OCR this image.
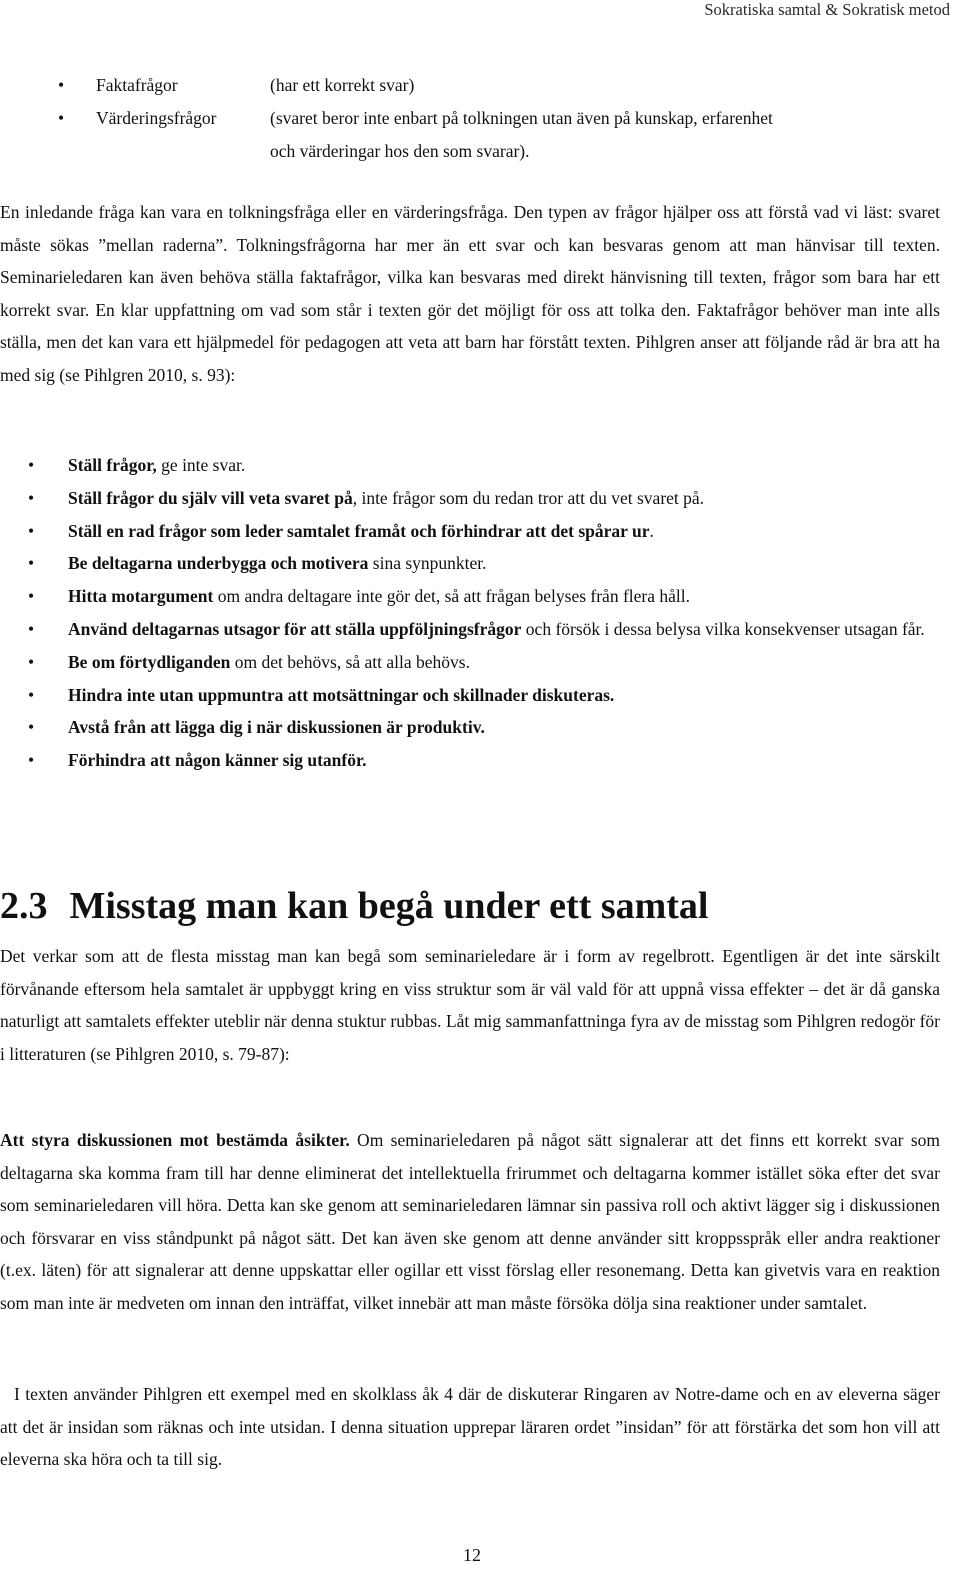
Sokratiska samtal & Sokratisk metod
• Faktafrågor	(har ett korrekt svar)
• Värderingsfrågor	(svaret beror inte enbart på tolkningen utan även på kunskap, erfarenhet
och värderingar hos den som svarar).

En inledande fråga kan vara en tolkningsfråga eller en värderingsfråga. Den typen av frågor hjälper oss att förstå vad vi läst: svaret måste sökas ”mellan raderna”. Tolkningsfrågorna har mer än ett svar och kan besvaras genom att man hänvisar till texten. Seminarieledaren kan även behöva ställa faktafrågor, vilka kan besvaras med direkt hänvisning till texten, frågor som bara har ett korrekt svar. En klar uppfattning om vad som står i texten gör det möjligt för oss att tolka den. Faktafrågor behöver man inte alls ställa, men det kan vara ett hjälpmedel för pedagogen att veta att barn har förstått texten. Pihlgren anser att följande råd är bra att ha med sig (se Pihlgren 2010, s. 93):

• Ställ frågor, ge inte svar.
• Ställ frågor du själv vill veta svaret på, inte frågor som du redan tror att du vet svaret på.
• Ställ en rad frågor som leder samtalet framåt och förhindrar att det spårar ur.
• Be deltagarna underbygga och motivera sina synpunkter.
• Hitta motargument om andra deltagare inte gör det, så att frågan belyses från flera håll.
• Använd deltagarnas utsagor för att ställa uppföljningsfrågor och försök i dessa belysa vilka konsekvenser utsagan får.
• Be om förtydliganden om det behövs, så att alla behövs.
• Hindra inte utan uppmuntra att motsättningar och skillnader diskuteras.
• Avstå från att lägga dig i när diskussionen är produktiv.
• Förhindra att någon känner sig utanför.
2.3 Misstag man kan begå under ett samtal

Det verkar som att de flesta misstag man kan begå som seminarieledare är i form av regelbrott. Egentligen är det inte särskilt förvånande eftersom hela samtalet är uppbyggt kring en viss struktur som är väl vald för att uppnå vissa effekter – det är då ganska naturligt att samtalets effekter uteblir när denna stuktur rubbas. Låt mig sammanfattninga fyra av de misstag som Pihlgren redogör för i litteraturen (se Pihlgren 2010, s. 79-87):

Att styra diskussionen mot bestämda åsikter. Om seminarieledaren på något sätt signalerar att det finns ett korrekt svar som deltagarna ska komma fram till har denne eliminerat det intellektuella frirummet och deltagarna kommer istället söka efter det svar som seminarieledaren vill höra. Detta kan ske genom att seminarieledaren lämnar sin passiva roll och aktivt lägger sig i diskussionen och försvarar en viss ståndpunkt på något sätt. Det kan även ske genom att denne använder sitt kroppsspråk eller andra reaktioner (t.ex. läten) för att signalerar att denne uppskattar eller ogillar ett visst förslag eller resonemang. Detta kan givetvis vara en reaktion som man inte är medveten om innan den inträffat, vilket innebär att man måste försöka dölja sina reaktioner under samtalet.

I texten använder Pihlgren ett exempel med en skolklass åk 4 där de diskuterar Ringaren av Notre-dame och en av eleverna säger att det är insidan som räknas och inte utsidan. I denna situation upprepar läraren ordet ”insidan” för att förstärka det som hon vill att eleverna ska höra och ta till sig.

12
